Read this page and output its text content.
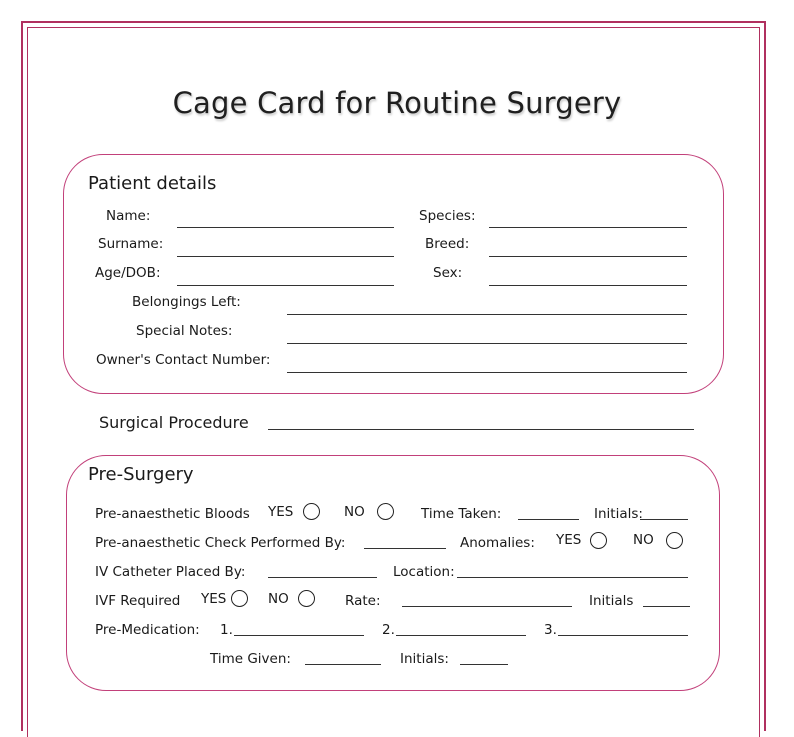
Cage Card for Routine Surgery
Patient details
Name:	Species:
Surname:	Breed:
Age/DOB:	Sex:
Belongings Left:
Special Notes:
Owner's Contact Number:
Surgical Procedure
Pre-Surgery
Pre-anaesthetic Bloods YES	NO	Time Taken:	Initials:
Pre-anaesthetic Check Performed By:	Anomalies: YES	NO
IV Catheter Placed By:	Location:
IVF Required YES	NO	Rate:	Initials
Pre-Medication: 1.	2.	3.
Time Given:	Initials:
